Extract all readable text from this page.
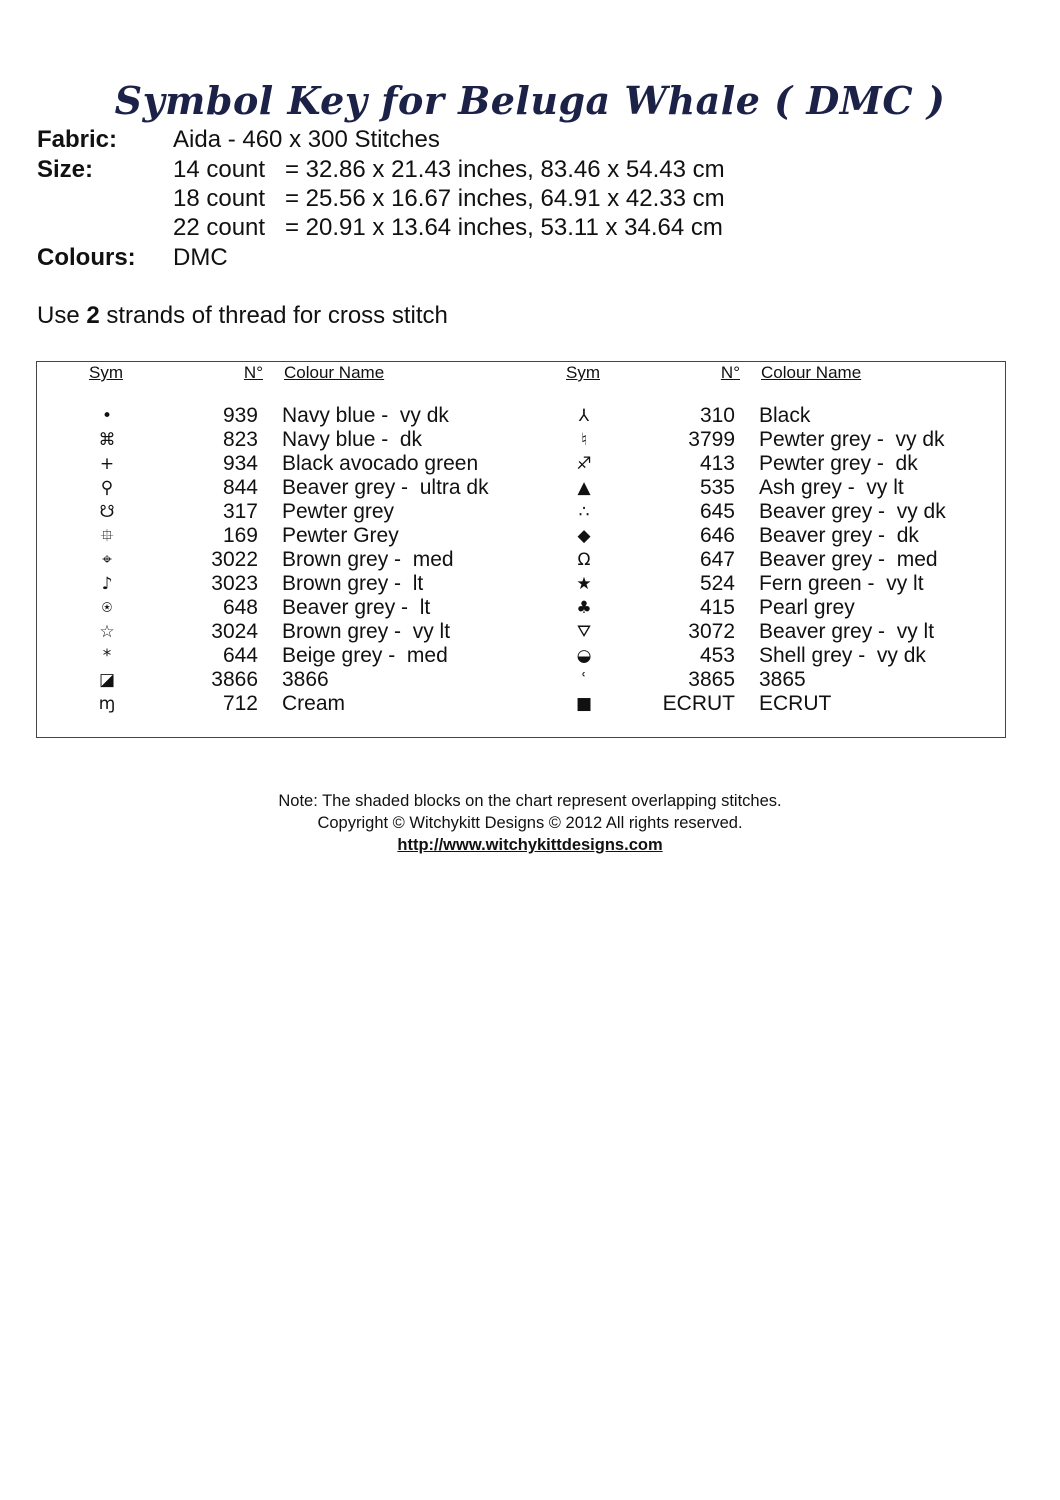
Symbol Key for Beluga Whale ( DMC )
Fabric: Aida - 460 x 300 Stitches
Size:	14 count = 32.86 x 21.43 inches, 83.46 x 54.43 cm
18 count = 25.56 x 16.67 inches, 64.91 x 42.33 cm
22 count = 20.91 x 13.64 inches, 53.11 x 34.64 cm
Colours: DMC
Use 2 strands of thread for cross stitch
Sym	N° Colour Name
•	939 Navy blue -  vy dk
⌘	823 Navy blue -  dk
+	934 Black avocado green
⚲	844 Beaver grey -  ultra dk
☋	317 Pewter grey
⯐	169 Pewter Grey
⌖	3022 Brown grey -  med
♪	3023 Brown grey -  lt
⍟	648 Beaver grey -  lt
☆	3024 Brown grey -  vy lt
*	644 Beige grey -  med
◪	3866 3866
ɱ	712 Cream
Sym	N° Colour Name
⅄	310 Black
♮	3799 Pewter grey -  vy dk
♐	413 Pewter grey -  dk
▲	535 Ash grey -  vy lt
∴	645 Beaver grey -  vy dk
◆	646 Beaver grey -  dk
Ω	647 Beaver grey -  med
★	524 Fern green -  vy lt
♣	415 Pearl grey
⛛	3072 Beaver grey -  vy lt
◒	453 Shell grey -  vy dk
ʿ	3865 3865
■	ECRUT ECRUT
Note: The shaded blocks on the chart represent overlapping stitches.
Copyright © Witchykitt Designs © 2012 All rights reserved.
http://www.witchykittdesigns.com
